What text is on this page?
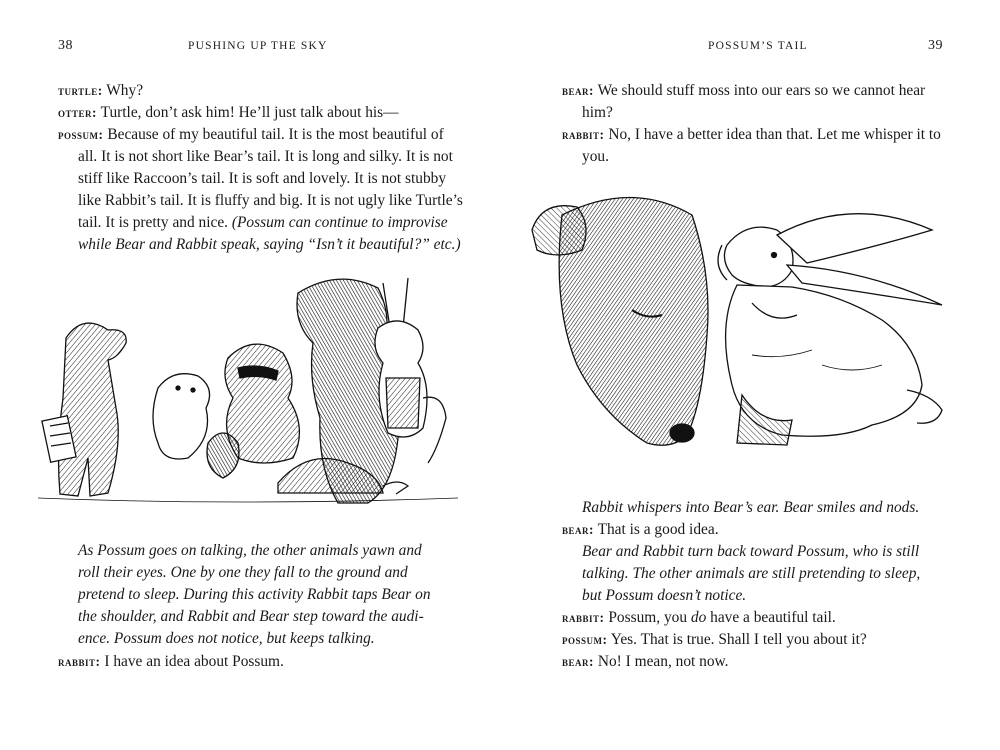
38	PUSHING UP THE SKY
turtle: Why?
otter: Turtle, don’t ask him! He’ll just talk about his—
possum: Because of my beautiful tail. It is the most beautiful of
all. It is not short like Bear’s tail. It is long and silky. It is not
stiff like Raccoon’s tail. It is soft and lovely. It is not stubby
like Rabbit’s tail. It is fluffy and big. It is not ugly like Turtle’s
tail. It is pretty and nice. (Possum can continue to improvise
while Bear and Rabbit speak, saying “Isn’t it beautiful?” etc.)
As Possum goes on talking, the other animals yawn and
roll their eyes. One by one they fall to the ground and
pretend to sleep. During this activity Rabbit taps Bear on
the shoulder, and Rabbit and Bear step toward the audi-
ence. Possum does not notice, but keeps talking.
rabbit: I have an idea about Possum.
POSSUM’S TAIL	39
bear: We should stuff moss into our ears so we cannot hear
him?
rabbit: No, I have a better idea than that. Let me whisper it to
you.
Rabbit whispers into Bear’s ear. Bear smiles and nods.
bear: That is a good idea.
Bear and Rabbit turn back toward Possum, who is still
talking. The other animals are still pretending to sleep,
but Possum doesn’t notice.
rabbit: Possum, you do have a beautiful tail.
possum: Yes. That is true. Shall I tell you about it?
bear: No! I mean, not now.
